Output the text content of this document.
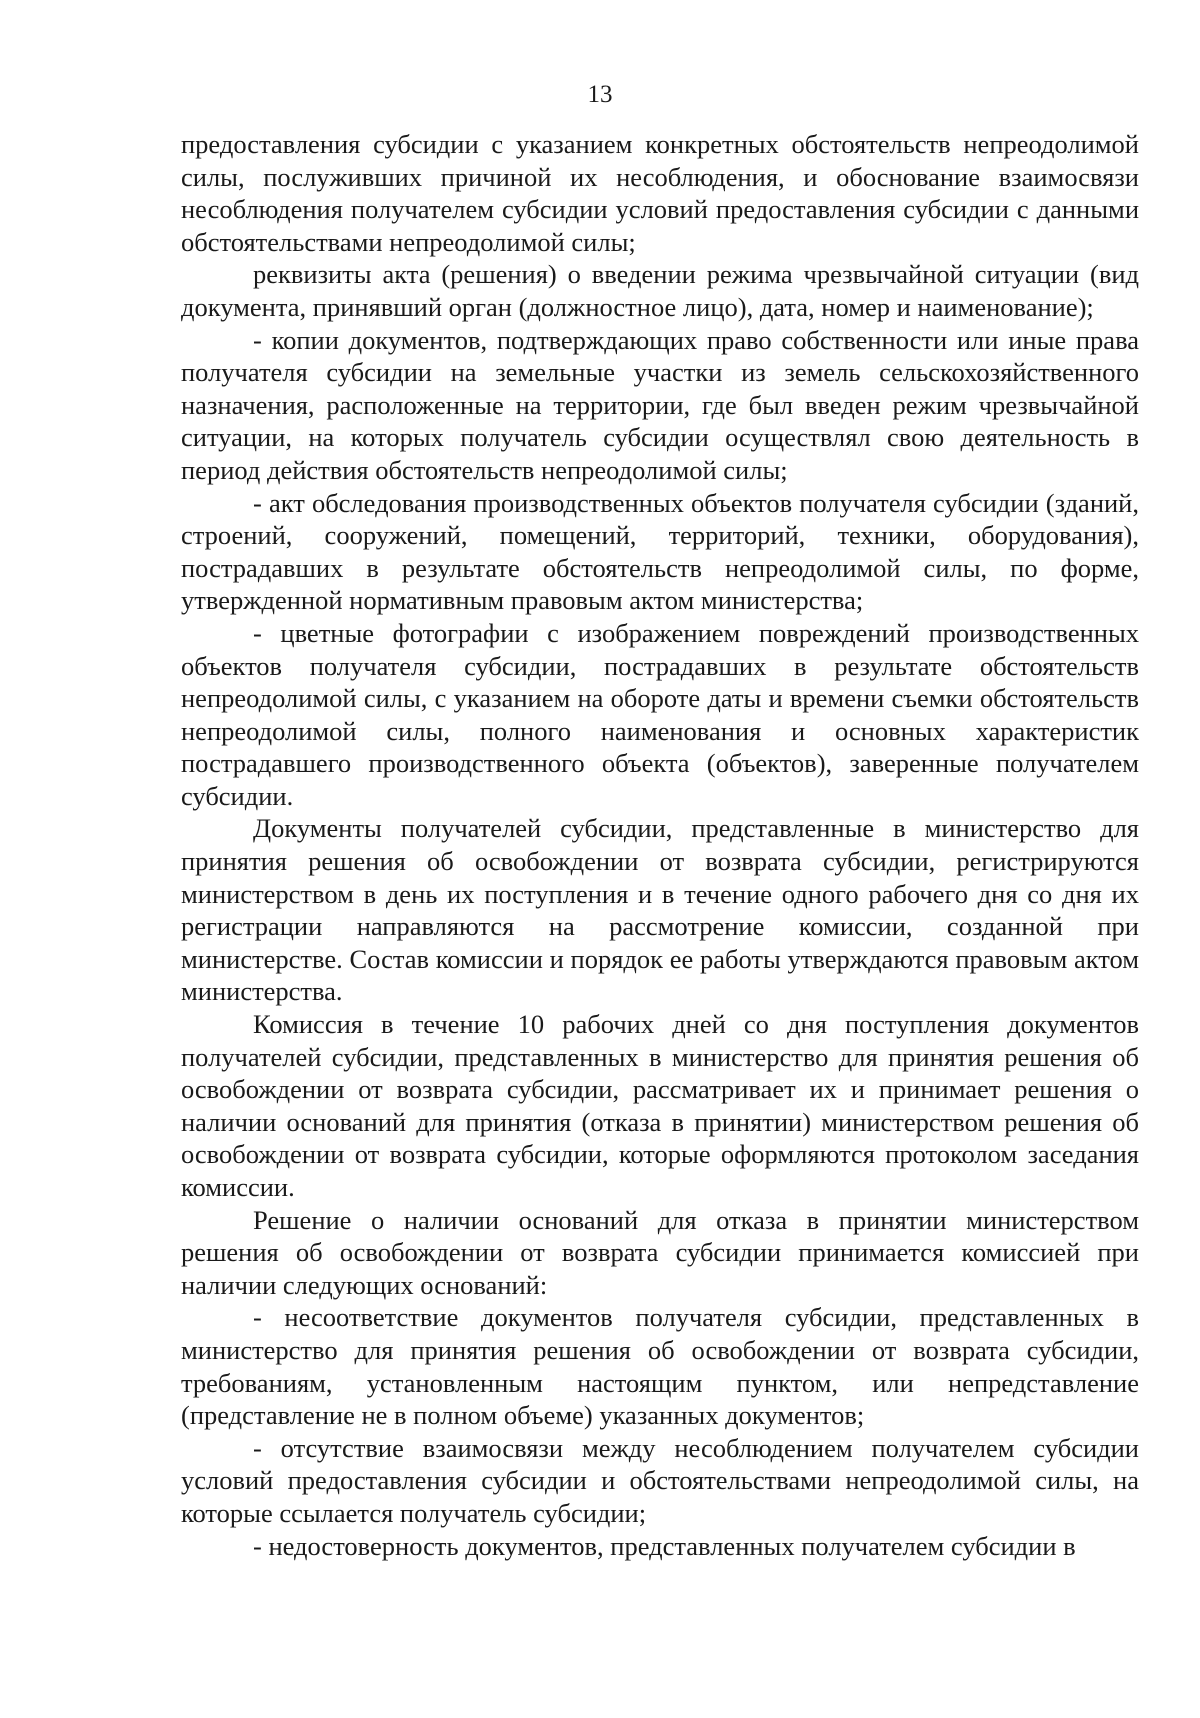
13

предоставления субсидии с указанием конкретных обстоятельств непреодолимой силы, послуживших причиной их несоблюдения, и обоснование взаимосвязи несоблюдения получателем субсидии условий предоставления субсидии с данными обстоятельствами непреодолимой силы;

реквизиты акта (решения) о введении режима чрезвычайной ситуации (вид документа, принявший орган (должностное лицо), дата, номер и наименование);

- копии документов, подтверждающих право собственности или иные права получателя субсидии на земельные участки из земель сельскохозяйственного назначения, расположенные на территории, где был введен режим чрезвычайной ситуации, на которых получатель субсидии осуществлял свою деятельность в период действия обстоятельств непреодолимой силы;

- акт обследования производственных объектов получателя субсидии (зданий, строений, сооружений, помещений, территорий, техники, оборудования), пострадавших в результате обстоятельств непреодолимой силы, по форме, утвержденной нормативным правовым актом министерства;

- цветные фотографии с изображением повреждений производственных объектов получателя субсидии, пострадавших в результате обстоятельств непреодолимой силы, с указанием на обороте даты и времени съемки обстоятельств непреодолимой силы, полного наименования и основных характеристик пострадавшего производственного объекта (объектов), заверенные получателем субсидии.

Документы получателей субсидии, представленные в министерство для принятия решения об освобождении от возврата субсидии, регистрируются министерством в день их поступления и в течение одного рабочего дня со дня их регистрации направляются на рассмотрение комиссии, созданной при министерстве. Состав комиссии и порядок ее работы утверждаются правовым актом министерства.

Комиссия в течение 10 рабочих дней со дня поступления документов получателей субсидии, представленных в министерство для принятия решения об освобождении от возврата субсидии, рассматривает их и принимает решения о наличии оснований для принятия (отказа в принятии) министерством решения об освобождении от возврата субсидии, которые оформляются протоколом заседания комиссии.

Решение о наличии оснований для отказа в принятии министерством решения об освобождении от возврата субсидии принимается комиссией при наличии следующих оснований:

- несоответствие документов получателя субсидии, представленных в министерство для принятия решения об освобождении от возврата субсидии, требованиям, установленным настоящим пунктом, или непредставление (представление не в полном объеме) указанных документов;

- отсутствие взаимосвязи между несоблюдением получателем субсидии условий предоставления субсидии и обстоятельствами непреодолимой силы, на которые ссылается получатель субсидии;

- недостоверность документов, представленных получателем субсидии в
